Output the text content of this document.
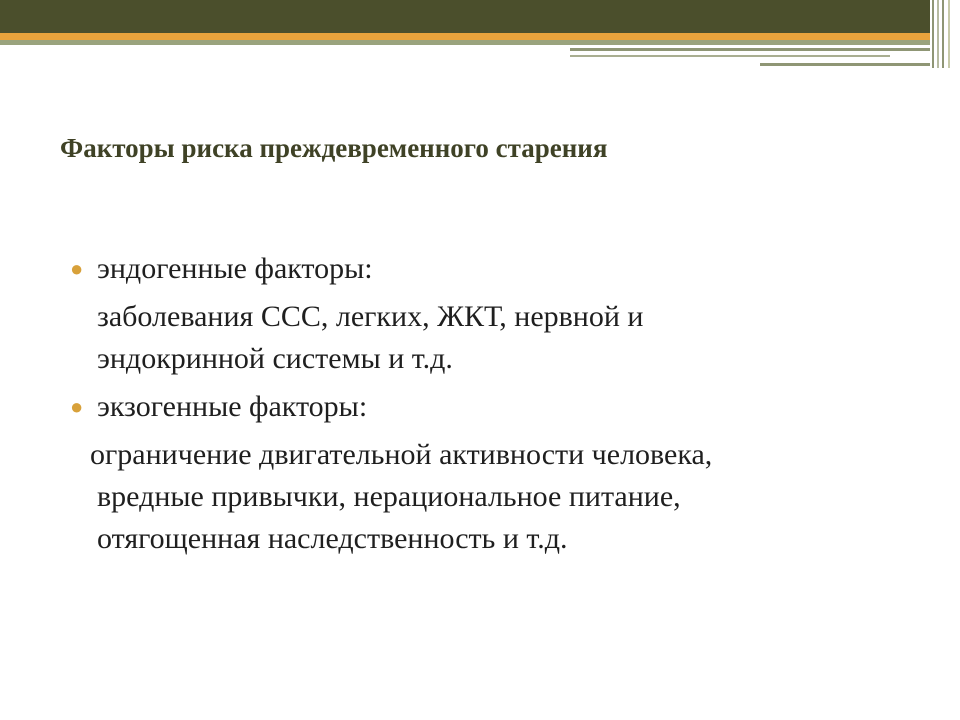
Факторы риска преждевременного старения
● эндогенные факторы:
заболевания ССС, легких, ЖКТ, нервной и
эндокринной системы и т.д.
● экзогенные факторы:
ограничение двигательной активности человека,
вредные привычки, нерациональное питание,
отягощенная наследственность и т.д.
